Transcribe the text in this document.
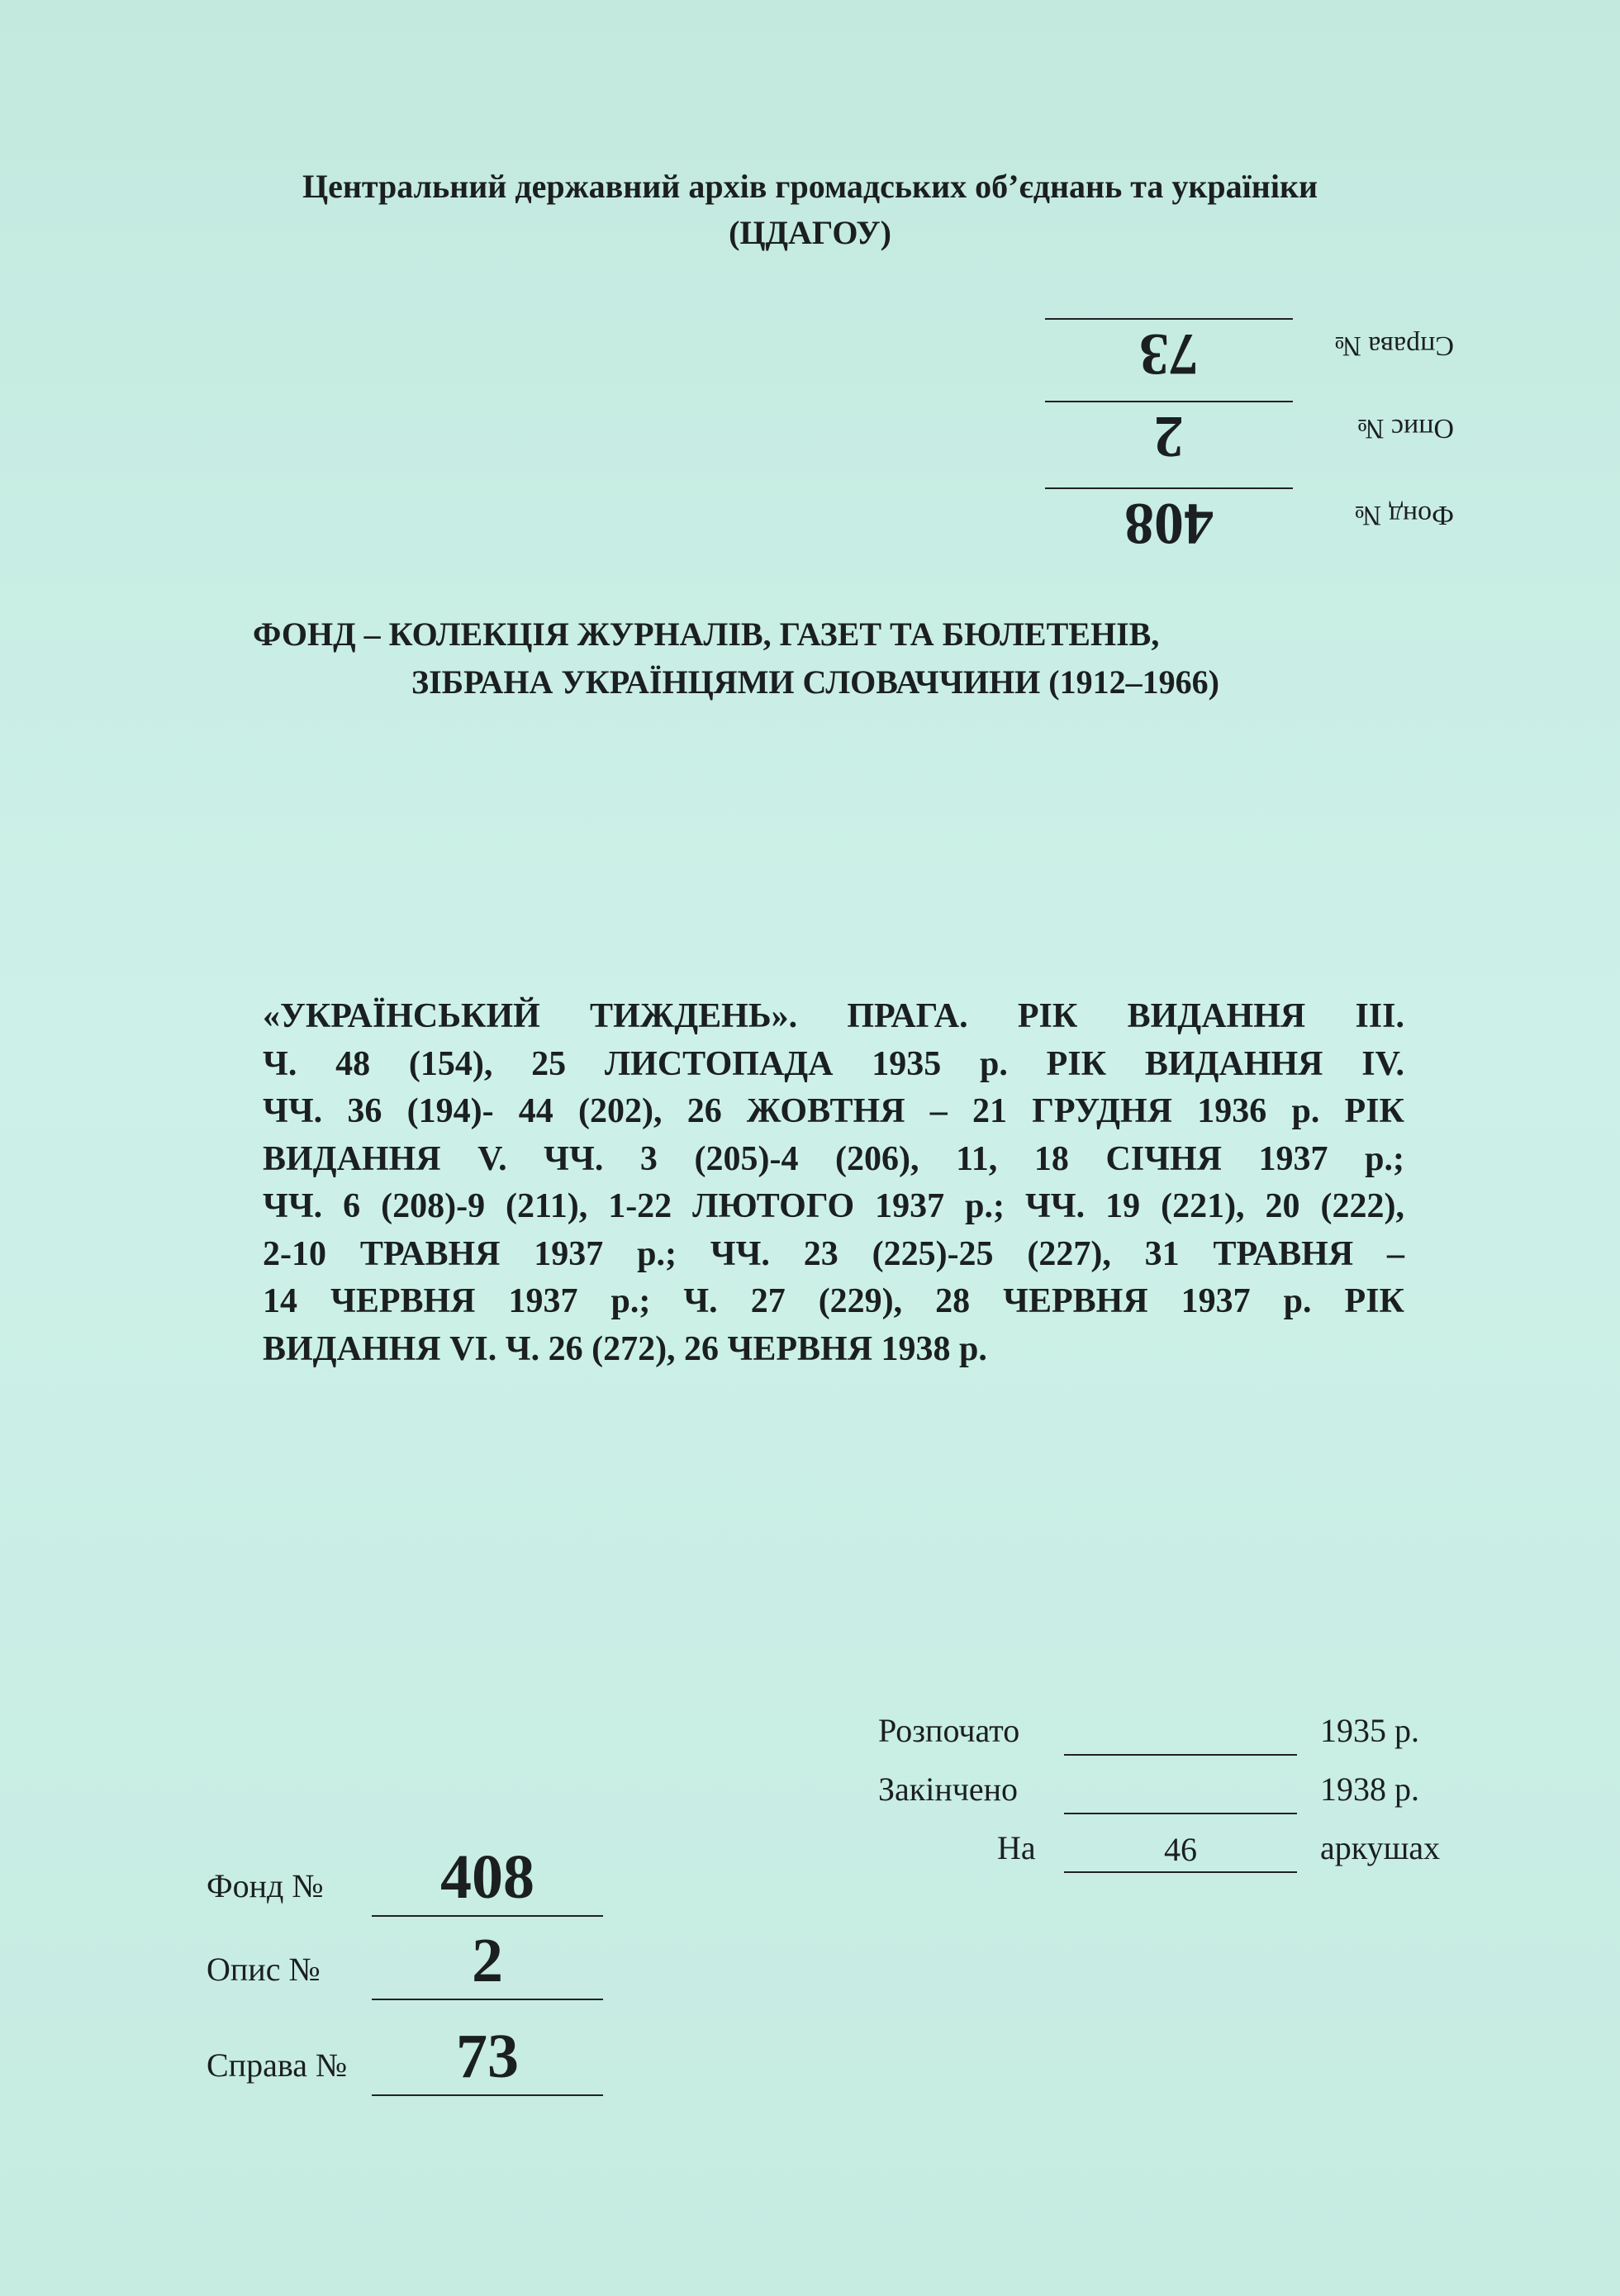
Центральний державний архів громадських об’єднань та україніки
(ЦДАГОУ)
Фонд №
408
Опис №
2
Справа №
73
ФОНД – КОЛЕКЦІЯ ЖУРНАЛІВ, ГАЗЕТ ТА БЮЛЕТЕНІВ,
ЗІБРАНА УКРАЇНЦЯМИ СЛОВАЧЧИНИ (1912–1966)
«УКРАЇНСЬКИЙ ТИЖДЕНЬ». ПРАГА. РІК ВИДАННЯ III.
Ч. 48 (154), 25 ЛИСТОПАДА 1935 р. РІК ВИДАННЯ IV.
ЧЧ. 36 (194)- 44 (202), 26 ЖОВТНЯ – 21 ГРУДНЯ 1936 р. РІК
ВИДАННЯ V. ЧЧ. 3 (205)-4 (206), 11, 18 СІЧНЯ 1937 р.;
ЧЧ. 6 (208)-9 (211), 1-22 ЛЮТОГО 1937 р.; ЧЧ. 19 (221), 20 (222),
2-10 ТРАВНЯ 1937 р.; ЧЧ. 23 (225)-25 (227), 31 ТРАВНЯ –
14 ЧЕРВНЯ 1937 р.; Ч. 27 (229), 28 ЧЕРВНЯ 1937 р. РІК
ВИДАННЯ VI. Ч. 26 (272), 26 ЧЕРВНЯ 1938 р.
Розпочато	1935 р.
Закінчено	1938 р.
На	46	аркушах
Фонд №	408
Опис №	2
Справа №	73
